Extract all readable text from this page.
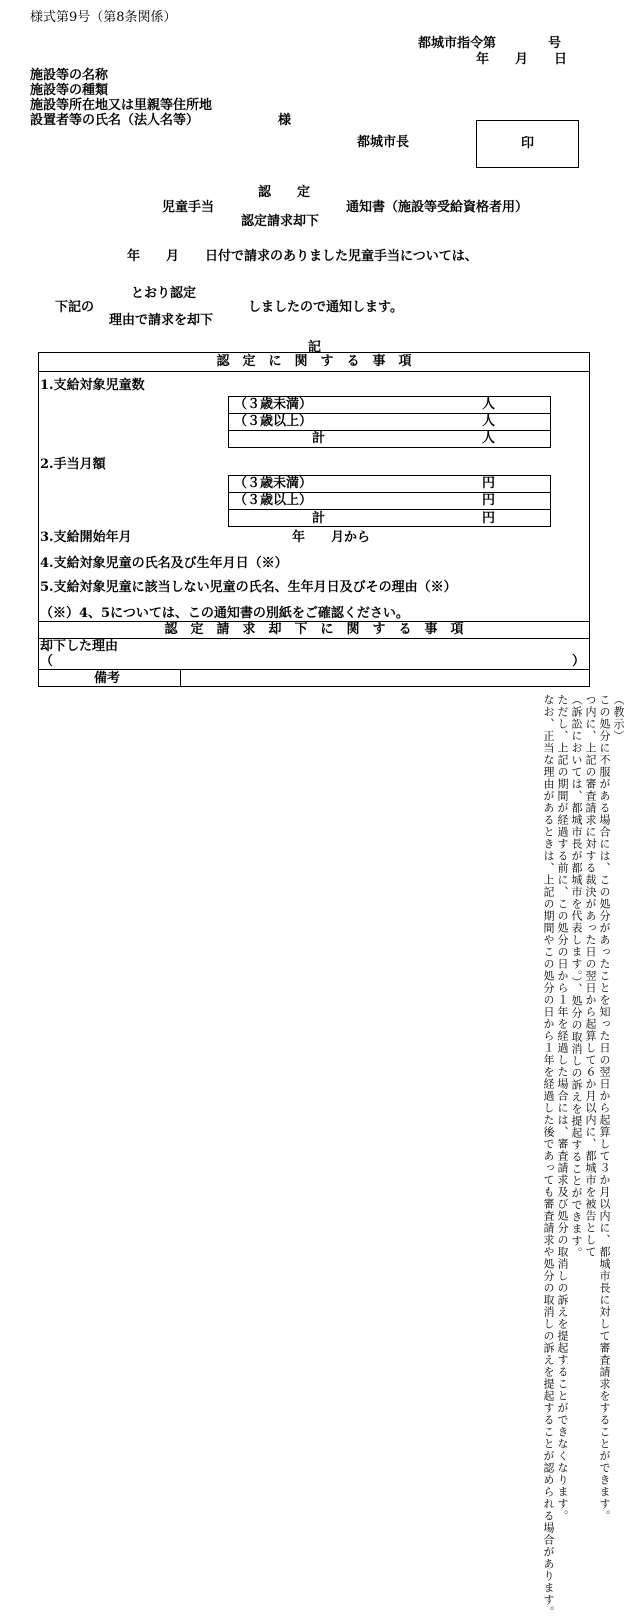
様式第9号（第8条関係）
都城市指令第　　　　号
年　　月　　日
施設等の名称
施設等の種類
施設等所在地又は里親等住所地
設置者等の氏名（法人名等）	様
都城市長	印
認　　定
児童手当	通知書（施設等受給資格者用）
認定請求却下
年　　月　　日付で請求のありました児童手当については、
とおり認定
下記の	しましたので通知します。
理由で請求を却下
記
認　定　に　関　す　る　事　項
1.支給対象児童数
（３歳未満）	人
（３歳以上）	人
計	人
2.手当月額
（３歳未満）	円
（３歳以上）	円
計	円
3.支給開始年月	年　　月から
4.支給対象児童の氏名及び生年月日（※）
5.支給対象児童に該当しない児童の氏名、生年月日及びその理由（※）
（※）4、5については、この通知書の別紙をご確認ください。
認　定　請　求　却　下　に　関　す　る　事　項
却下した理由
（	）
備考
（教示）
この処分に不服がある場合には、この処分があったことを知った日の翌日から起算して３か月以内に、都城市長に対して審査請求をすることができます。
つ内に、上記の審査請求に対する裁決があった日の翌日から起算して６か月以内に、都城市を被告として
（訴訟においては、都城市長が都城市を代表します。）、処分の取消しの訴えを提起することができます。
ただし、上記の期間が経過する前に、この処分の日から１年を経過した場合には、審査請求及び処分の取消しの訴えを提起することができなくなります。
なお、正当な理由があるときは、上記の期間やこの処分の日から１年を経過した後であっても審査請求や処分の取消しの訴えを提起することが認められる場合があります。
